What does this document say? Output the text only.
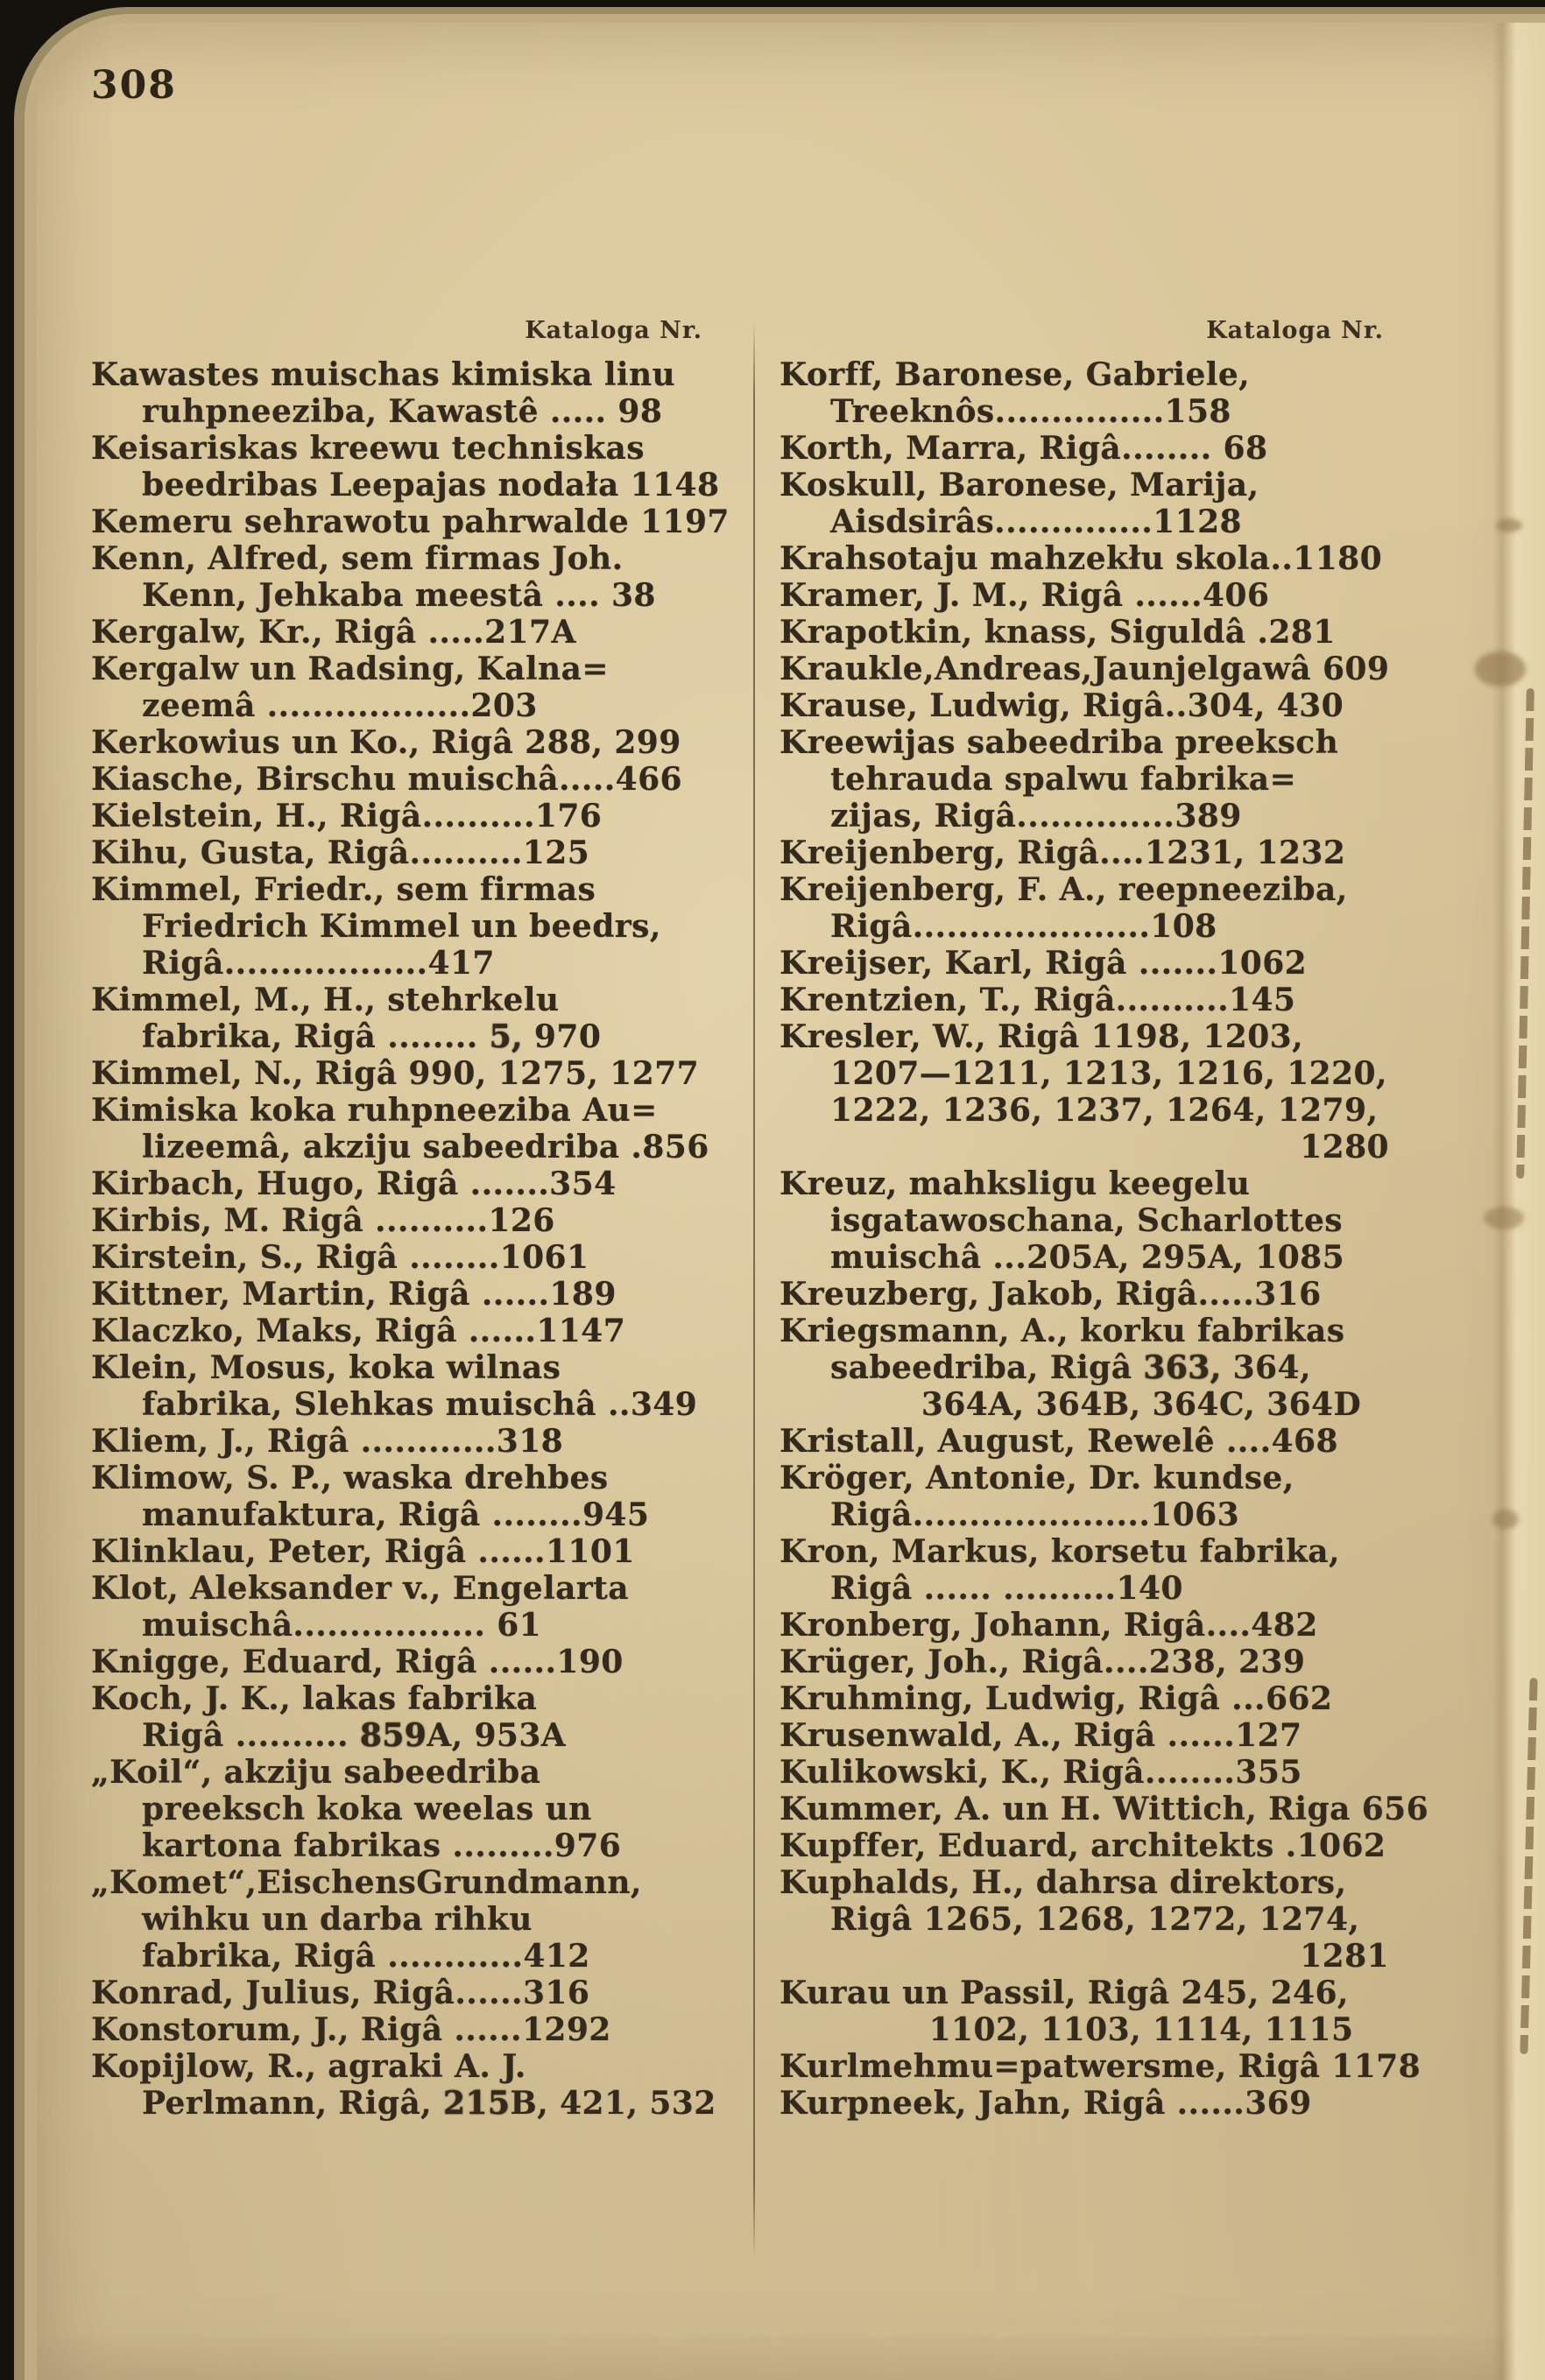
308
Kataloga Nr.
Kawastes muischas kimiska linu
ruhpneeziba, Kawastê ..... 98
Keisariskas kreewu techniskas
beedribas Leepajas nodała 1148
Kemeru sehrawotu pahrwalde 1197
Kenn, Alfred, sem firmas Joh.
Kenn, Jehkaba meestâ .... 38
Kergalw, Kr., Rigâ .....217A
Kergalw un Radsing, Kalna=
zeemâ ..................203
Kerkowius un Ko., Rigâ 288, 299
Kiasche, Birschu muischâ.....466
Kielstein, H., Rigâ..........176
Kihu, Gusta, Rigâ..........125
Kimmel, Friedr., sem firmas
Friedrich Kimmel un beedrs,
Rigâ..................417
Kimmel, M., H., stehrkelu
fabrika, Rigâ ........ 5, 970
Kimmel, N., Rigâ 990, 1275, 1277
Kimiska koka ruhpneeziba Au=
lizeemâ, akziju sabeedriba .856
Kirbach, Hugo, Rigâ .......354
Kirbis, M. Rigâ ..........126
Kirstein, S., Rigâ ........1061
Kittner, Martin, Rigâ ......189
Klaczko, Maks, Rigâ ......1147
Klein, Mosus, koka wilnas
fabrika, Slehkas muischâ ..349
Kliem, J., Rigâ ............318
Klimow, S. P., waska drehbes
manufaktura, Rigâ ........945
Klinklau, Peter, Rigâ ......1101
Klot, Aleksander v., Engelarta
muischâ................. 61
Knigge, Eduard, Rigâ ......190
Koch, J. K., lakas fabrika
Rigâ .......... 859A, 953A
„Koil“, akziju sabeedriba
preeksch koka weelas un
kartona fabrikas .........976
„Komet“,EischensGrundmann,
wihku un darba rihku
fabrika, Rigâ ............412
Konrad, Julius, Rigâ......316
Konstorum, J., Rigâ ......1292
Kopijlow, R., agraki A. J.
Perlmann, Rigâ, 215B, 421, 532
Kataloga Nr.
Korff, Baronese, Gabriele,
Treeknôs...............158
Korth, Marra, Rigâ........ 68
Koskull, Baronese, Marija,
Aisdsirâs..............1128
Krahsotaju mahzekłu skola..1180
Kramer, J. M., Rigâ ......406
Krapotkin, knass, Siguldâ .281
Kraukle,Andreas,Jaunjelgawâ 609
Krause, Ludwig, Rigâ..304, 430
Kreewijas sabeedriba preeksch
tehrauda spalwu fabrika=
zijas, Rigâ..............389
Kreijenberg, Rigâ....1231, 1232
Kreijenberg, F. A., reepneeziba,
Rigâ.....................108
Kreijser, Karl, Rigâ .......1062
Krentzien, T., Rigâ..........145
Kresler, W., Rigâ 1198, 1203,
1207—1211, 1213, 1216, 1220,
1222, 1236, 1237, 1264, 1279,
1280
Kreuz, mahksligu keegelu
isgatawoschana, Scharlottes
muischâ ...205A, 295A, 1085
Kreuzberg, Jakob, Rigâ.....316
Kriegsmann, A., korku fabrikas
sabeedriba, Rigâ 363, 364,
364A, 364B, 364C, 364D
Kristall, August, Rewelê ....468
Kröger, Antonie, Dr. kundse,
Rigâ.....................1063
Kron, Markus, korsetu fabrika,
Rigâ ...... ..........140
Kronberg, Johann, Rigâ....482
Krüger, Joh., Rigâ....238, 239
Kruhming, Ludwig, Rigâ ...662
Krusenwald, A., Rigâ ......127
Kulikowski, K., Rigâ........355
Kummer, A. un H. Wittich, Riga 656
Kupffer, Eduard, architekts .1062
Kuphalds, H., dahrsa direktors,
Rigâ 1265, 1268, 1272, 1274,
1281
Kurau un Passil, Rigâ 245, 246,
1102, 1103, 1114, 1115
Kurlmehmu=patwersme, Rigâ 1178
Kurpneek, Jahn, Rigâ ......369
